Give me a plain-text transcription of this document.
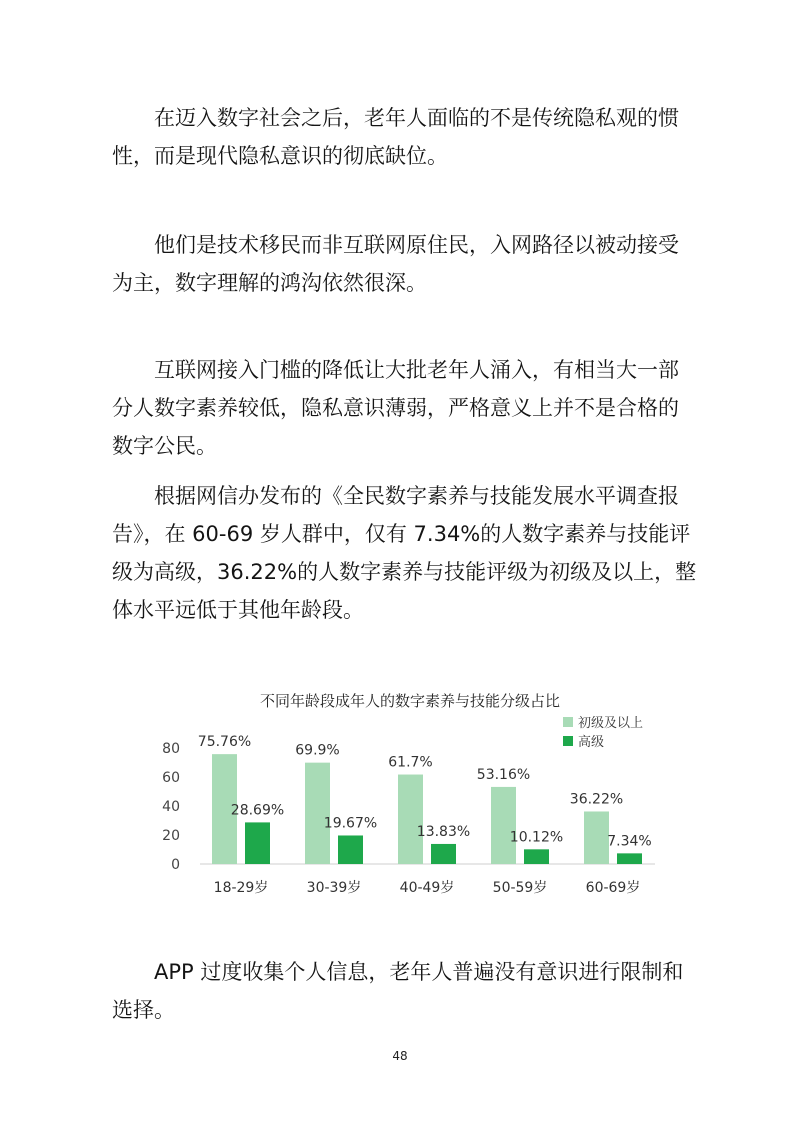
在迈入数字社会之后，老年人面临的不是传统隐私观的惯性，而是现代隐私意识的彻底缺位。

他们是技术移民而非互联网原住民，入网路径以被动接受为主，数字理解的鸿沟依然很深。

互联网接入门槛的降低让大批老年人涌入，有相当大一部分人数字素养较低，隐私意识薄弱，严格意义上并不是合格的数字公民。

根据网信办发布的《全民数字素养与技能发展水平调查报告》，在 60-69 岁人群中，仅有 7.34%的人数字素养与技能评级为高级，36.22%的人数字素养与技能评级为初级及以上，整体水平远低于其他年龄段。

不同年龄段成年人的数字素养与技能分级占比
0
20
40
60
80 75.76%
28.69%
18-29岁
69.9%
19.67%
30-39岁
61.7%
13.83%
40-49岁
53.16%
10.12%
50-59岁
36.22%
7.34%
60-69岁
初级及以上
高级

APP 过度收集个人信息，老年人普遍没有意识进行限制和选择。

48
